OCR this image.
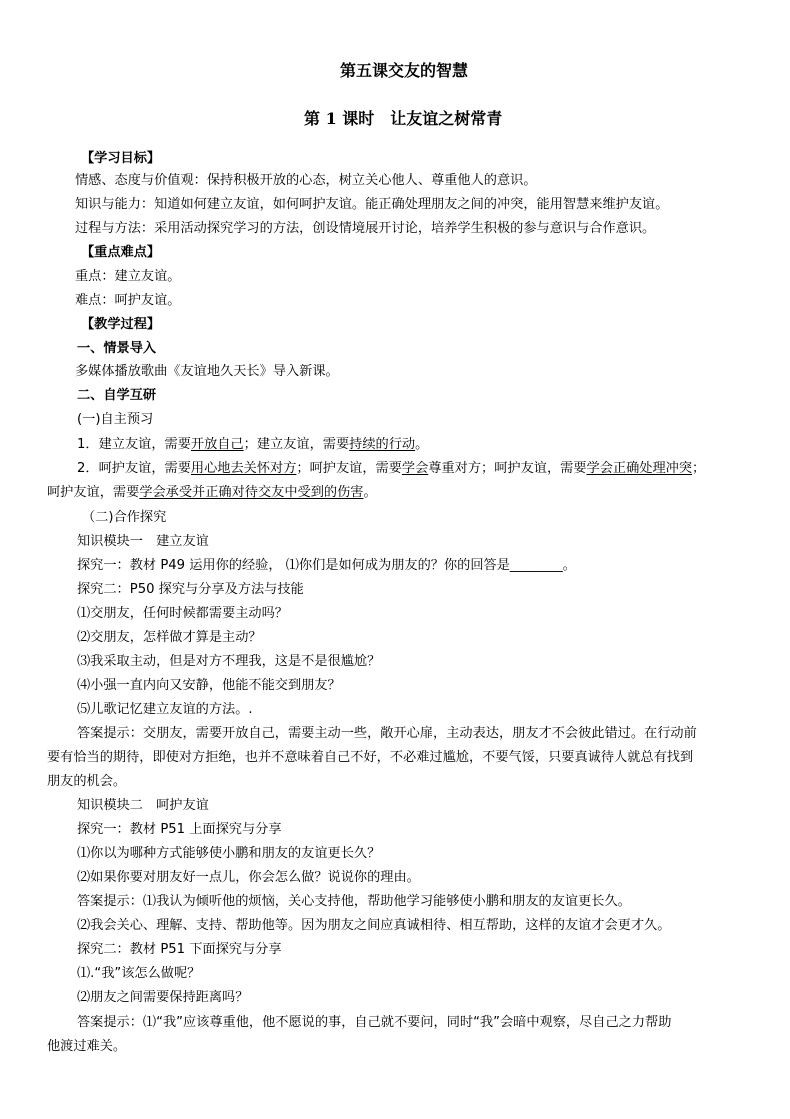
第五课交友的智慧
第 1 课时　让友谊之树常青
【学习目标】
情感、态度与价值观：保持积极开放的心态，树立关心他人、尊重他人的意识。
知识与能力：知道如何建立友谊，如何呵护友谊。能正确处理朋友之间的冲突，能用智慧来维护友谊。
过程与方法：采用活动探究学习的方法，创设情境展开讨论，培养学生积极的参与意识与合作意识。
【重点难点】
重点：建立友谊。
难点：呵护友谊。
【教学过程】
一、情景导入
多媒体播放歌曲《友谊地久天长》导入新课。
二、自学互研
(一)自主预习
1．建立友谊，需要开放自己；建立友谊，需要持续的行动。
2．呵护友谊，需要用心地去关怀对方；呵护友谊，需要学会尊重对方；呵护友谊，需要学会正确处理冲突；
呵护友谊，需要学会承受并正确对待交友中受到的伤害。
（二)合作探究
知识模块一　建立友谊
探究一：教材 P49 运用你的经验， ⑴你们是如何成为朋友的？你的回答是________。
探究二：P50 探究与分享及方法与技能
⑴交朋友，任何时候都需要主动吗？
⑵交朋友，怎样做才算是主动？
⑶我采取主动，但是对方不理我，这是不是很尴尬？
⑷小强一直内向又安静，他能不能交到朋友？
⑸儿歌记忆建立友谊的方法。.
答案提示：交朋友，需要开放自己，需要主动一些，敞开心扉，主动表达，朋友才不会彼此错过。在行动前
要有恰当的期待，即使对方拒绝，也并不意味着自己不好，不必难过尴尬，不要气馁，只要真诚待人就总有找到
朋友的机会。
知识模块二　呵护友谊
探究一：教材 P51 上面探究与分享
⑴你以为哪种方式能够使小鹏和朋友的友谊更长久？
⑵如果你要对朋友好一点儿，你会怎么做？说说你的理由。
答案提示：⑴我认为倾听他的烦恼，关心支持他，帮助他学习能够使小鹏和朋友的友谊更长久。
⑵我会关心、理解、支持、帮助他等。因为朋友之间应真诚相待、相互帮助，这样的友谊才会更才久。
探究二：教材 P51 下面探究与分享
⑴.“我”该怎么做呢？
⑵朋友之间需要保持距离吗？
答案提示：⑴“我”应该尊重他，他不愿说的事，自己就不要问，同时“我”会暗中观察，尽自己之力帮助
他渡过难关。
